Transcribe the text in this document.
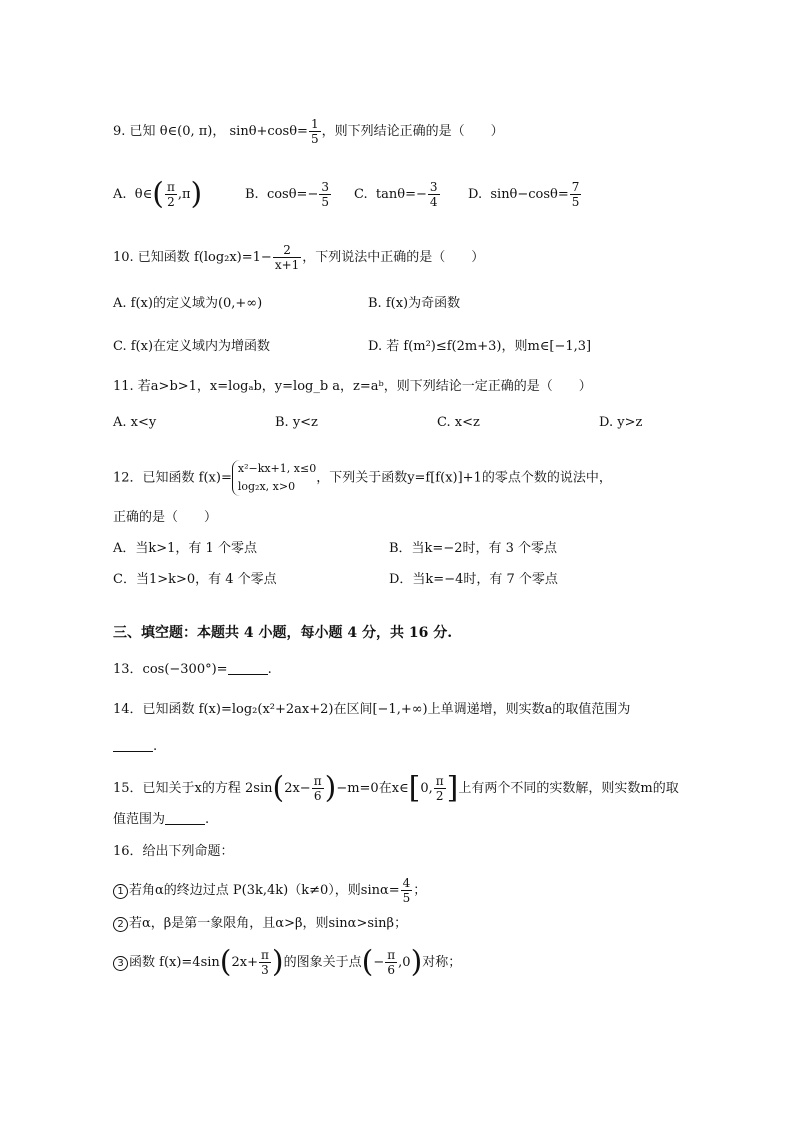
9. 已知 θ∈(0, π)， $\sin\theta+\cos\theta= \frac{1}{5}$ ，则下列结论正确的是（　　）
A. θ∈( $\frac{\pi}{2} ,\pi$)	B. $\cos\theta=- \frac{3}{5} C$. $\tan\theta=- \frac{3}{4} D$. $\sin\theta-\cos\theta= \frac{7}{5}$
10. 已知函数 $f(\log_2x)=1- \frac{2}{x+1}$ ，下列说法中正确的是（　　）
A. f(x)的定义域为(0,+∞)	B. f(x)为奇函数
C. f(x)在定义域内为增函数	D. 若 f(m²)≤f(2m+3)，则m∈[−1,3]
11. 若a>b>1，x=logₐb，y=log_b a，z=aᵇ，则下列结论一定正确的是（　　）
A. x<y	B. y<z	C. x<z	D. y>z
12．已知函数 f(x)=
x²−kx+1, x≤0
log₂x, x>0
，下列关于函数y=f[f(x)]+1的零点个数的说法中，
正确的是（　　）
A．当k>1，有 1 个零点	B．当k=−2时，有 3 个零点
C．当1>k>0，有 4 个零点	D．当k=−4时，有 7 个零点
三、填空题：本题共 4 小题，每小题 4 分，共 16 分.
13．cos(−300°)=	.
14．已知函数 f(x)=log₂(x²+2ax+2)在区间[−1,+∞)上单调递增，则实数a的取值范围为
.
15．已知关于x的方程 $2\sin(2x- \frac{\pi}{6} )-m=0$在x∈[0, $\frac{\pi}{2}$ ]上有两个不同的实数解，则实数m的取
值范围为	.
16．给出下列命题：
1 若角α的终边过点 P(3k,4k)（k≠0），则$\sin\alpha= \frac{4}{5}$ ；
2 若α，β是第一象限角，且α>β，则sinα>sinβ；
3 函数 $f(x)=4\sin(2x+ \frac{\pi}{3}$ )的图象关于点(− $\frac{\pi}{6} ,0$)对称；
